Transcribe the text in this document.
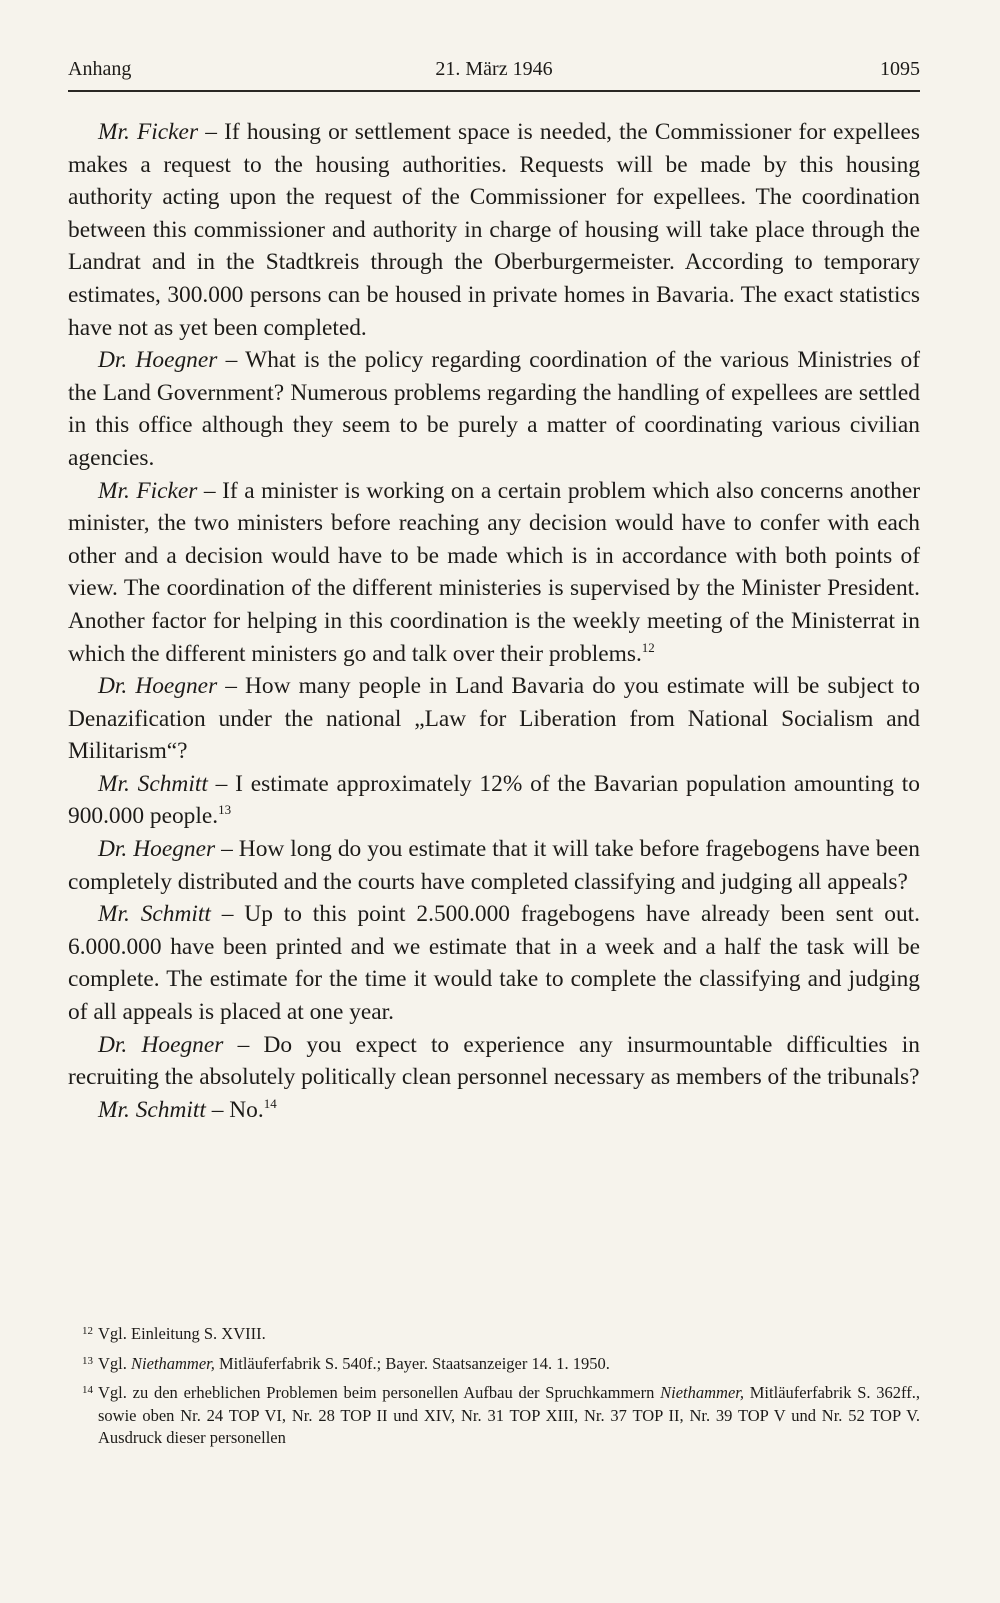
Anhang	21. März 1946	1095

Mr. Ficker – If housing or settlement space is needed, the Commissioner for expellees makes a request to the housing authorities. Requests will be made by this housing authority acting upon the request of the Commissioner for expellees. The coordination between this commissioner and authority in charge of housing will take place through the Landrat and in the Stadtkreis through the Oberburgermeister. According to temporary estimates, 300.000 persons can be housed in private homes in Bavaria. The exact statistics have not as yet been completed.

Dr. Hoegner – What is the policy regarding coordination of the various Ministries of the Land Government? Numerous problems regarding the handling of expellees are settled in this office although they seem to be purely a matter of coordinating various civilian agencies.

Mr. Ficker – If a minister is working on a certain problem which also concerns another minister, the two ministers before reaching any decision would have to confer with each other and a decision would have to be made which is in accordance with both points of view. The coordination of the different ministeries is supervised by the Minister President. Another factor for helping in this coordination is the weekly meeting of the Ministerrat in which the different ministers go and talk over their problems.$^{12}$

Dr. Hoegner – How many people in Land Bavaria do you estimate will be subject to Denazification under the national „Law for Liberation from National Socialism and Militarism“?

Mr. Schmitt – I estimate approximately 12% of the Bavarian population amounting to 900.000 people.$^{13}$

Dr. Hoegner – How long do you estimate that it will take before fragebogens have been completely distributed and the courts have completed classifying and judging all appeals?

Mr. Schmitt – Up to this point 2.500.000 fragebogens have already been sent out. 6.000.000 have been printed and we estimate that in a week and a half the task will be complete. The estimate for the time it would take to complete the classifying and judging of all appeals is placed at one year.

Dr. Hoegner – Do you expect to experience any insurmountable difficulties in recruiting the absolutely politically clean personnel necessary as members of the tribunals?

Mr. Schmitt – No.$^{14}$

12 Vgl. Einleitung S. XVIII.

13 Vgl. Niethammer, Mitläuferfabrik S. 540f.; Bayer. Staatsanzeiger 14. 1. 1950.

14 Vgl. zu den erheblichen Problemen beim personellen Aufbau der Spruchkammern Niethammer, Mitläuferfabrik S. 362ff., sowie oben Nr. 24 TOP VI, Nr. 28 TOP II und XIV, Nr. 31 TOP XIII, Nr. 37 TOP II, Nr. 39 TOP V und Nr. 52 TOP V. Ausdruck dieser personellen
